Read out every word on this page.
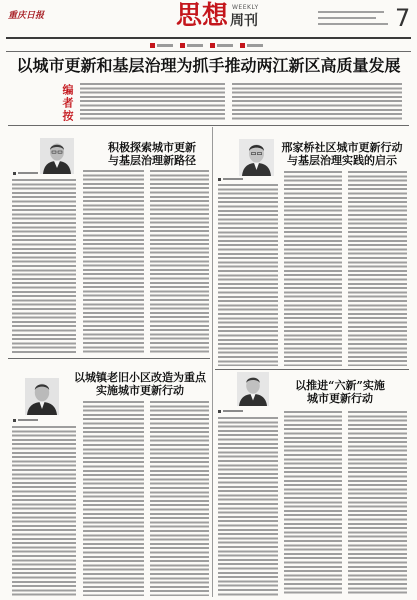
重庆日报	思想 WEEKLY
周刊	7
以城市更新和基层治理为抓手推动两江新区高质量发展
编者按
积极探索城市更新
与基层治理新路径
邢家桥社区城市更新行动
与基层治理实践的启示
以城镇老旧小区改造为重点
实施城市更新行动	以推进“六新”实施
城市更新行动
